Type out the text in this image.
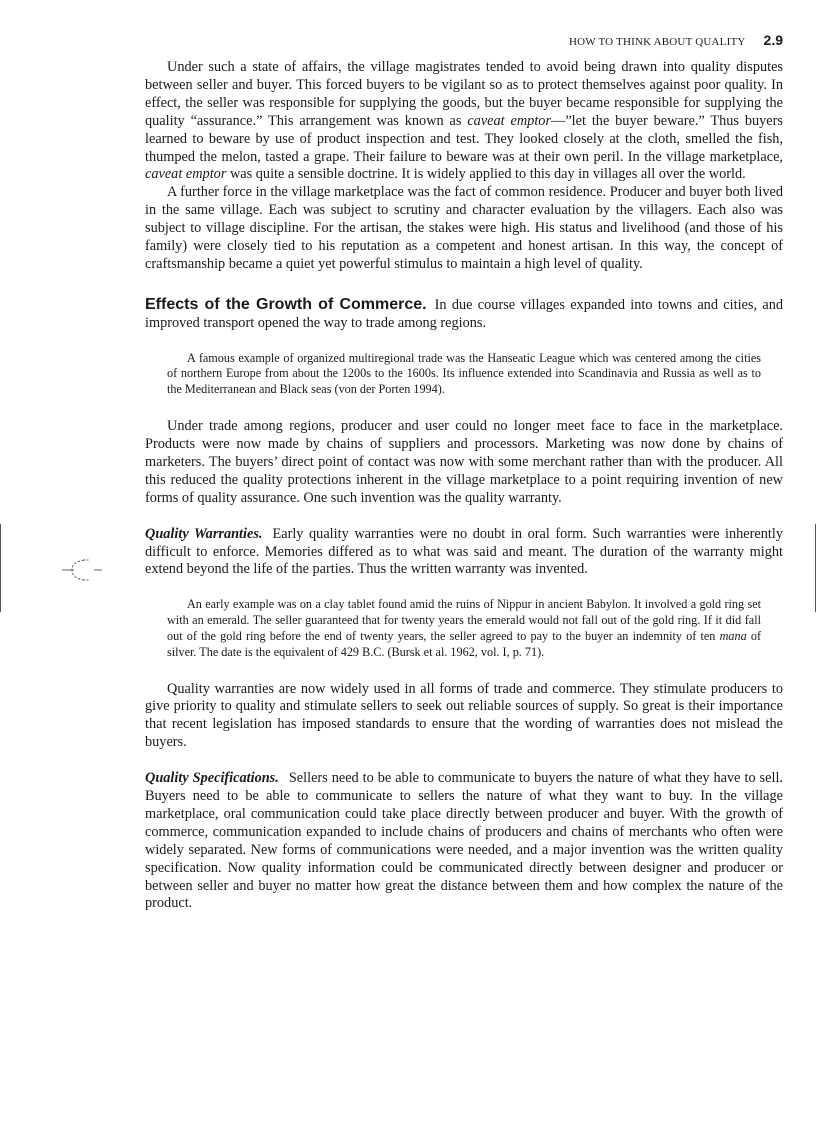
HOW TO THINK ABOUT QUALITY 2.9

Under such a state of affairs, the village magistrates tended to avoid being drawn into quality disputes between seller and buyer. This forced buyers to be vigilant so as to protect themselves against poor quality. In effect, the seller was responsible for supplying the goods, but the buyer became responsible for supplying the quality “assurance.” This arrangement was known as caveat emptor—”let the buyer beware.” Thus buyers learned to beware by use of product inspection and test. They looked closely at the cloth, smelled the fish, thumped the melon, tasted a grape. Their failure to beware was at their own peril. In the village marketplace, caveat emptor was quite a sensible doctrine. It is widely applied to this day in villages all over the world.

A further force in the village marketplace was the fact of common residence. Producer and buyer both lived in the same village. Each was subject to scrutiny and character evaluation by the villagers. Each also was subject to village discipline. For the artisan, the stakes were high. His status and livelihood (and those of his family) were closely tied to his reputation as a competent and honest artisan. In this way, the concept of craftsmanship became a quiet yet powerful stimulus to maintain a high level of quality.

Effects of the Growth of Commerce. In due course villages expanded into towns and cities, and improved transport opened the way to trade among regions.

A famous example of organized multiregional trade was the Hanseatic League which was centered among the cities of northern Europe from about the 1200s to the 1600s. Its influence extended into Scandinavia and Russia as well as to the Mediterranean and Black seas (von der Porten 1994).

Under trade among regions, producer and user could no longer meet face to face in the marketplace. Products were now made by chains of suppliers and processors. Marketing was now done by chains of marketers. The buyers’ direct point of contact was now with some merchant rather than with the producer. All this reduced the quality protections inherent in the village marketplace to a point requiring invention of new forms of quality assurance. One such invention was the quality warranty.

Quality Warranties. Early quality warranties were no doubt in oral form. Such warranties were inherently difficult to enforce. Memories differed as to what was said and meant. The duration of the warranty might extend beyond the life of the parties. Thus the written warranty was invented.

An early example was on a clay tablet found amid the ruins of Nippur in ancient Babylon. It involved a gold ring set with an emerald. The seller guaranteed that for twenty years the emerald would not fall out of the gold ring. If it did fall out of the gold ring before the end of twenty years, the seller agreed to pay to the buyer an indemnity of ten mana of silver. The date is the equivalent of 429 B.C. (Bursk et al. 1962, vol. I, p. 71).

Quality warranties are now widely used in all forms of trade and commerce. They stimulate producers to give priority to quality and stimulate sellers to seek out reliable sources of supply. So great is their importance that recent legislation has imposed standards to ensure that the wording of warranties does not mislead the buyers.

Quality Specifications. Sellers need to be able to communicate to buyers the nature of what they have to sell. Buyers need to be able to communicate to sellers the nature of what they want to buy. In the village marketplace, oral communication could take place directly between producer and buyer. With the growth of commerce, communication expanded to include chains of producers and chains of merchants who often were widely separated. New forms of communications were needed, and a major invention was the written quality specification. Now quality information could be communicated directly between designer and producer or between seller and buyer no matter how great the distance between them and how complex the nature of the product.
